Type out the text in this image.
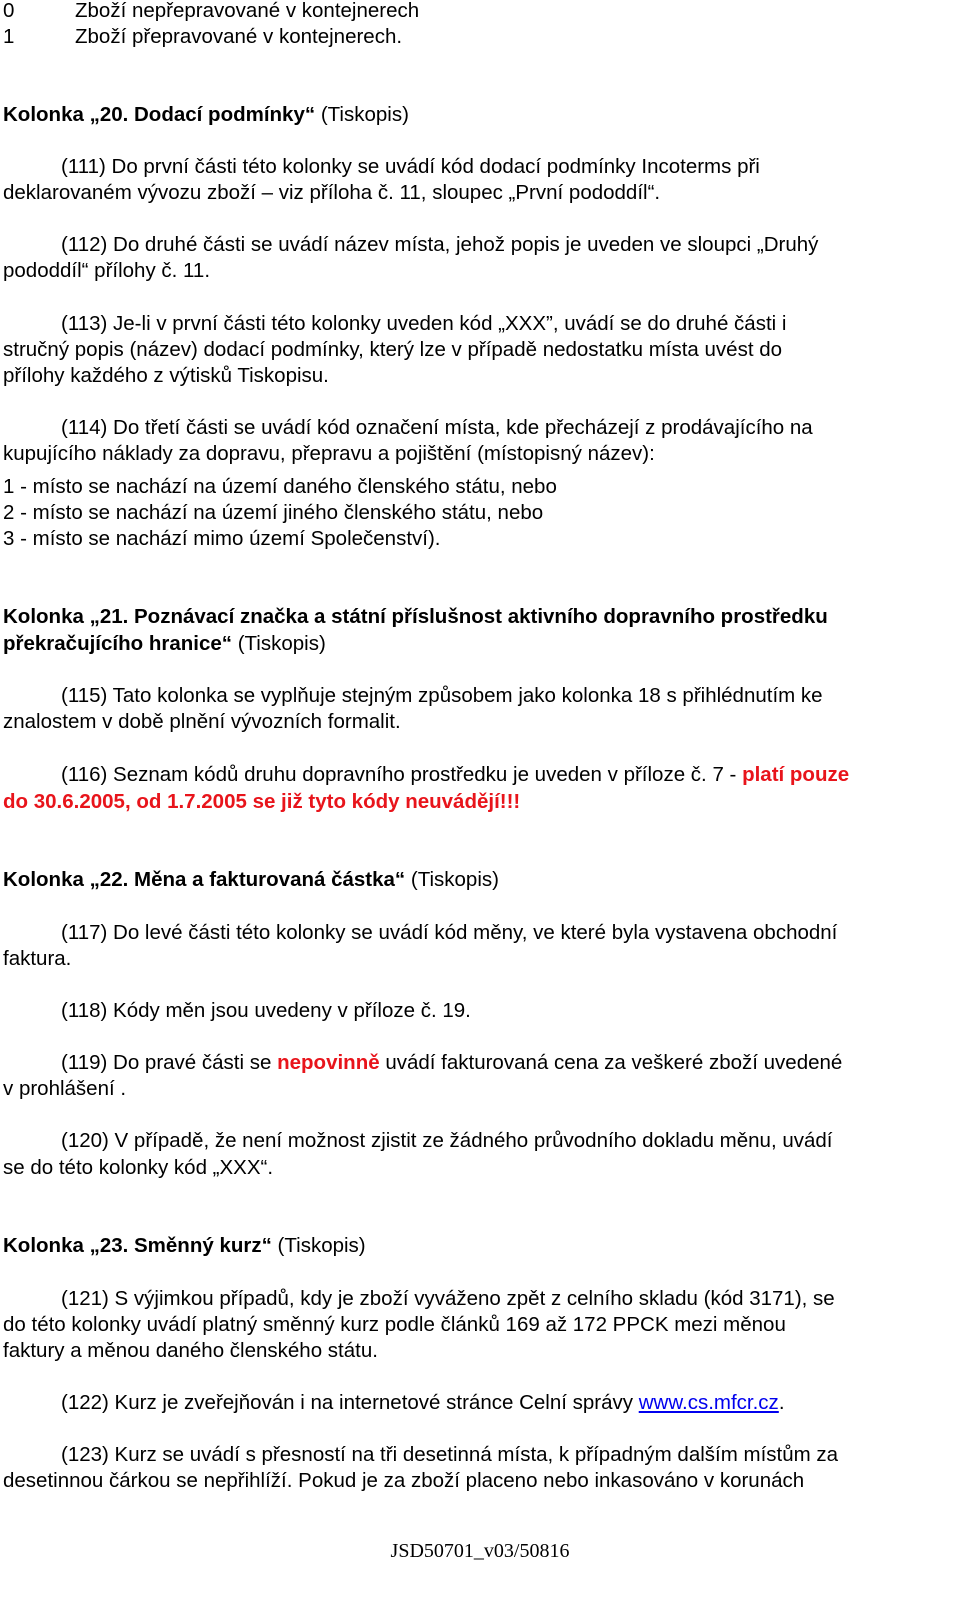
0	Zboží nepřepravované v kontejnerech
1	Zboží přepravované v kontejnerech.
Kolonka „20. Dodací podmínky“ (Tiskopis)
(111) Do první části této kolonky se uvádí kód dodací podmínky Incoterms při
deklarovaném vývozu zboží – viz příloha č. 11, sloupec „První pododdíl“.
(112) Do druhé části se uvádí název místa, jehož popis je uveden ve sloupci „Druhý
pododdíl“ přílohy č. 11.
(113) Je-li v první části této kolonky uveden kód „XXX”, uvádí se do druhé části i
stručný popis (název) dodací podmínky, který lze v případě nedostatku místa uvést do
přílohy každého z výtisků Tiskopisu.
(114) Do třetí části se uvádí kód označení místa, kde přecházejí z prodávajícího na
kupujícího náklady za dopravu, přepravu a pojištění (místopisný název):
1 - místo se nachází na území daného členského státu, nebo
2 - místo se nachází na území jiného členského státu, nebo
3 - místo se nachází mimo území Společenství).
Kolonka „21. Poznávací značka a státní příslušnost aktivního dopravního prostředku
překračujícího hranice“ (Tiskopis)
(115) Tato kolonka se vyplňuje stejným způsobem jako kolonka 18 s přihlédnutím ke
znalostem v době plnění vývozních formalit.
(116) Seznam kódů druhu dopravního prostředku je uveden v příloze č. 7 - platí pouze
do 30.6.2005, od 1.7.2005 se již tyto kódy neuvádějí!!!
Kolonka „22. Měna a fakturovaná částka“ (Tiskopis)
(117) Do levé části této kolonky se uvádí kód měny, ve které byla vystavena obchodní
faktura.
(118) Kódy měn jsou uvedeny v příloze č. 19.
(119) Do pravé části se nepovinně uvádí fakturovaná cena za veškeré zboží uvedené
v prohlášení .
(120) V případě, že není možnost zjistit ze žádného průvodního dokladu měnu, uvádí
se do této kolonky kód „XXX“.
Kolonka „23. Směnný kurz“ (Tiskopis)
(121) S výjimkou případů, kdy je zboží vyváženo zpět z celního skladu (kód 3171), se
do této kolonky uvádí platný směnný kurz podle článků 169 až 172 PPCK mezi měnou
faktury a měnou daného členského státu.
(122) Kurz je zveřejňován i na internetové stránce Celní správy www.cs.mfcr.cz.
(123) Kurz se uvádí s přesností na tři desetinná místa, k případným dalším místům za
desetinnou čárkou se nepřihlíží. Pokud je za zboží placeno nebo inkasováno v korunách
JSD50701_v03/50816
